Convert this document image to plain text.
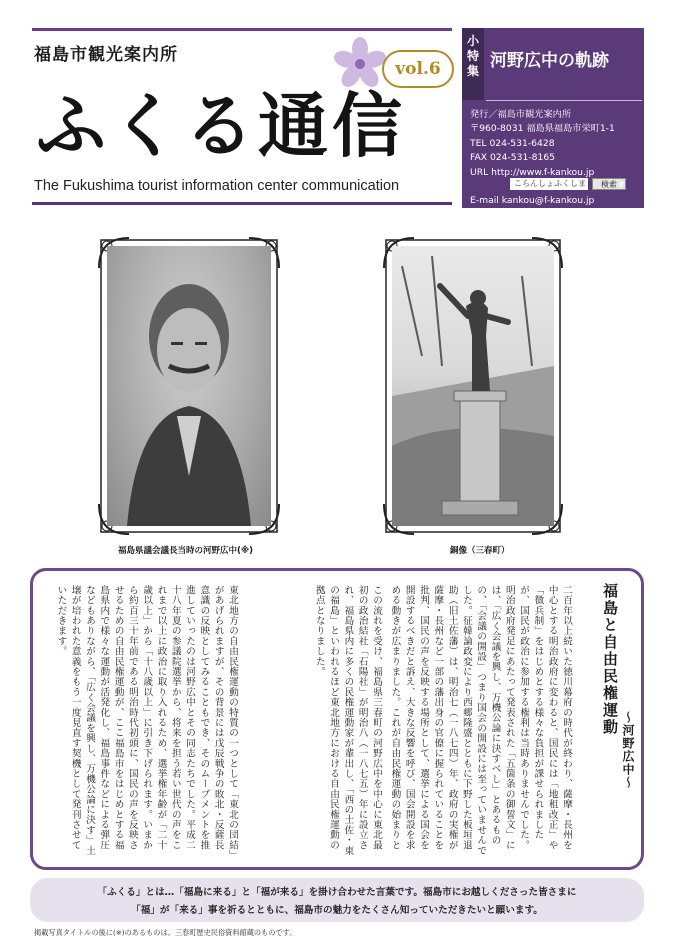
福島市観光案内所
vol.6
ふくる通信
The Fukushima tourist information center communication
小特集 河野広中の軌跡
発行／福島市観光案内所
〒960-8031 福島県福島市栄町1-1
TEL 024-531-6428
FAX 024-531-8165
URL http://www.f-kankou.jp
E-mail kankou@f-kankou.jp
こらんしょふくしま	検索
福島県議会議長当時の河野広中(※)	銅像（三春町）
福島と自由民権運動
〜河野広中〜
二百年以上続いた徳川幕府の時代が終わり、薩摩・長州を中心とする明治政府に変わると、国民には「地租改正」や「徴兵制」をはじめとする様々な負担が課せられましたが、国民が政治に参加する権利は当時ありませんでした。明治政府発足にあたって発表された「五箇条の御誓文」には、「広く会議を興し、万機公論に決すべし」とあるものの、「会議の開設」つまり国会の開設には至っていませんでした。征韓論政変により西郷隆盛とともに下野した板垣退助（旧土佐藩）は、明治七（一八七四）年、政府の実権が薩摩・長州など一部の藩出身の官僚に握られていることを批判、国民の声を反映する場所として、選挙による国会を開設するべきだと訴え、大きな反響を呼び、国会開設を求める動きが広まりました。これが自由民権運動の始まりと
この流れを受け、福島県三春町の河野広中を中心に東北最初の政治結社「石陽社」が明治八（一八七五）年に設立され、福島県内に多くの民権運動家が輩出し、「西の土佐・東の福島」といわれるほど東北地方における自由民権運動の拠点となりました。
東北地方の自由民権運動の特質の一つとして「東北の団結」があげられますが、その背景には戊辰戦争の敗北・反薩長意識の反映としてみることもでき、そのムーブメントを推進していったのは河野広中とその同志たちでした。平成二十八年夏の参議院選挙から、将来を担う若い世代の声をこれまで以上に政治に取り入れるため、選挙権年齢が「二十歳以上」から「十八歳以上」に引き下げられます。いまから約百三十年前である明治時代初頭に、国民の声を反映させるための自由民権運動が、ここ福島市をはじめとする福島県内で様々な運動が活発化し、福島事件などによる弾圧などもありながら、「広く会議を興し、万機公論に決す」土壌が培われた意義をもう一度見直す契機として発刊させていただきます。
「ふくる」とは…「福島に来る」と「福が来る」を掛け合わせた言葉です。福島市にお越しくださった皆さまに
「福」が「来る」事を祈るとともに、福島市の魅力をたくさん知っていただきたいと願います。
掲載写真タイトルの後に(※)のあるものは、三春町歴史民俗資料館蔵のものです。
